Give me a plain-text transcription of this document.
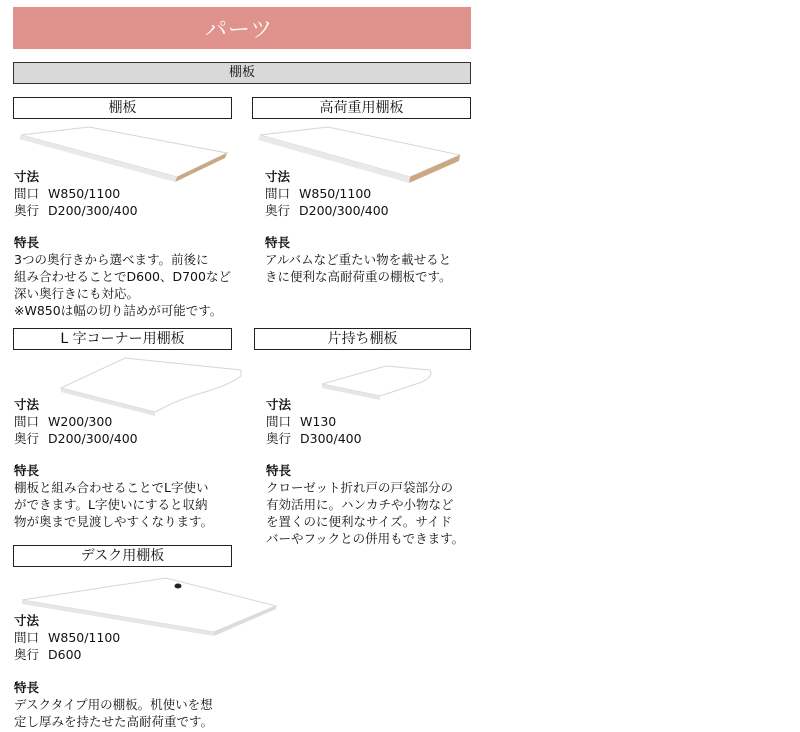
パーツ
棚板
棚板
寸法
間口 W850/1100
奥行 D200/300/400
特長
3つの奥行きから選べます。前後に
組み合わせることでD600、D700など
深い奥行きにも対応。
※W850は幅の切り詰めが可能です。
高荷重用棚板
寸法
間口 W850/1100
奥行 D200/300/400
特長
アルバムなど重たい物を載せると
きに便利な高耐荷重の棚板です。
L 字コーナー用棚板
寸法
間口 W200/300
奥行 D200/300/400
特長
棚板と組み合わせることでL字使い
ができます。L字使いにすると収納
物が奥まで見渡しやすくなります。
片持ち棚板
寸法
間口 W130
奥行 D300/400
特長
クローゼット折れ戸の戸袋部分の
有効活用に。ハンカチや小物など
を置くのに便利なサイズ。サイド
バーやフックとの併用もできます。
デスク用棚板
寸法
間口 W850/1100
奥行 D600
特長
デスクタイプ用の棚板。机使いを想
定し厚みを持たせた高耐荷重です。
